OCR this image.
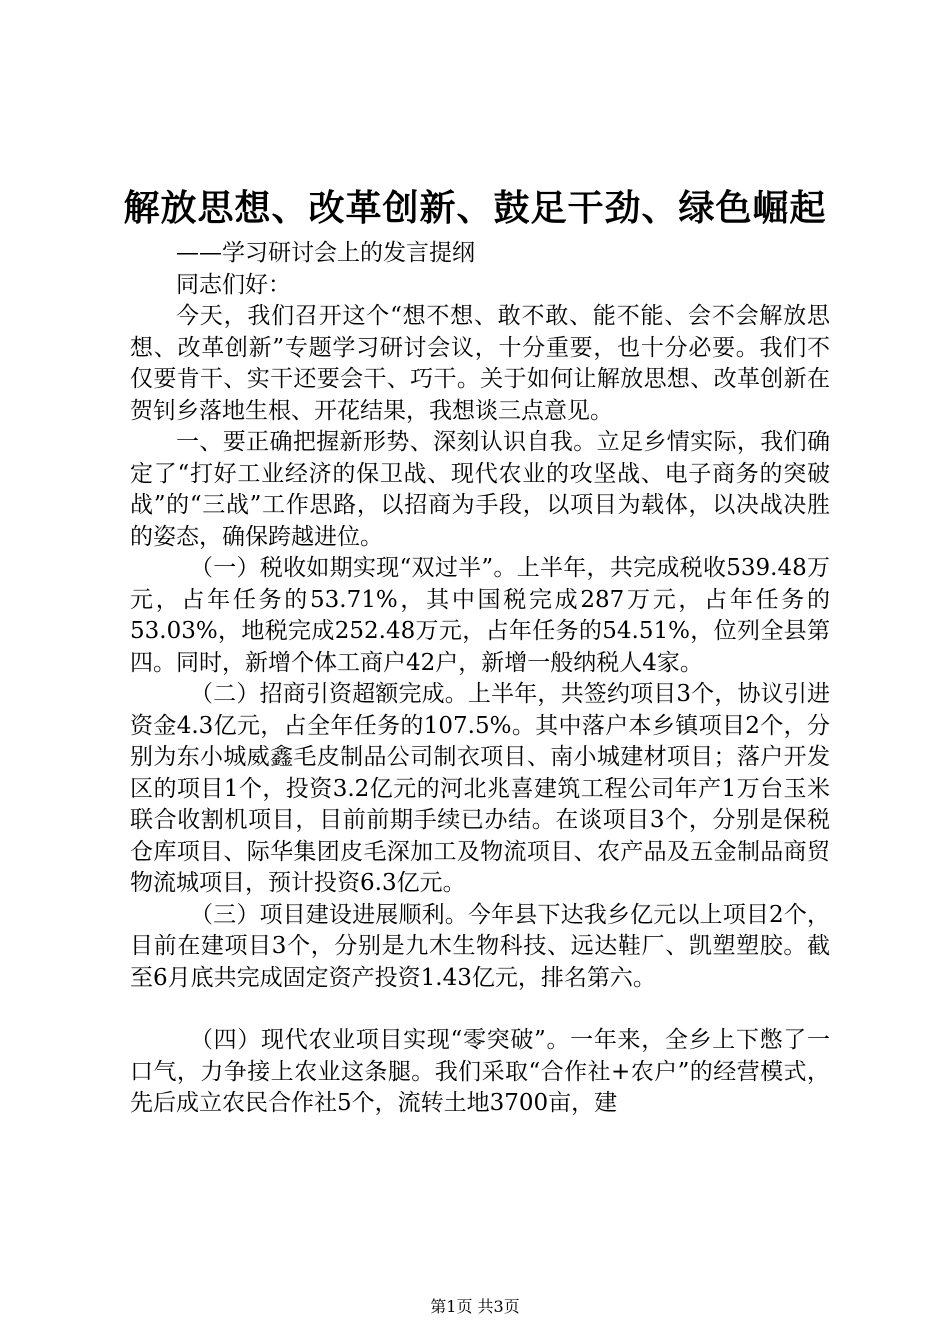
解放思想、改革创新、鼓足干劲、绿色崛起

——学习研讨会上的发言提纲

同志们好：

今天，我们召开这个“想不想、敢不敢、能不能、会不会解放思想、改革创新”专题学习研讨会议，十分重要，也十分必要。我们不仅要肯干、实干还要会干、巧干。关于如何让解放思想、改革创新在贺钊乡落地生根、开花结果，我想谈三点意见。

一、要正确把握新形势、深刻认识自我。立足乡情实际，我们确定了“打好工业经济的保卫战、现代农业的攻坚战、电子商务的突破战”的“三战”工作思路，以招商为手段，以项目为载体，以决战决胜的姿态，确保跨越进位。

（一）税收如期实现“双过半”。上半年，共完成税收539.48万元，占年任务的53.71%，其中国税完成287万元，占年任务的53.03%，地税完成252.48万元，占年任务的54.51%，位列全县第四。同时，新增个体工商户42户，新增一般纳税人4家。

（二）招商引资超额完成。上半年，共签约项目3个，协议引进资金4.3亿元，占全年任务的107.5%。其中落户本乡镇项目2个，分别为东小城威鑫毛皮制品公司制衣项目、南小城建材项目；落户开发区的项目1个，投资3.2亿元的河北兆喜建筑工程公司年产1万台玉米联合收割机项目，目前前期手续已办结。在谈项目3个，分别是保税仓库项目、际华集团皮毛深加工及物流项目、农产品及五金制品商贸物流城项目，预计投资6.3亿元。

（三）项目建设进展顺利。今年县下达我乡亿元以上项目2个，目前在建项目3个，分别是九木生物科技、远达鞋厂、凯塑塑胶。截至6月底共完成固定资产投资1.43亿元，排名第六。

（四）现代农业项目实现“零突破”。一年来，全乡上下憋了一口气，力争接上农业这条腿。我们采取“合作社+农户”的经营模式，先后成立农民合作社5个，流转土地3700亩，建

第1页 共3页
